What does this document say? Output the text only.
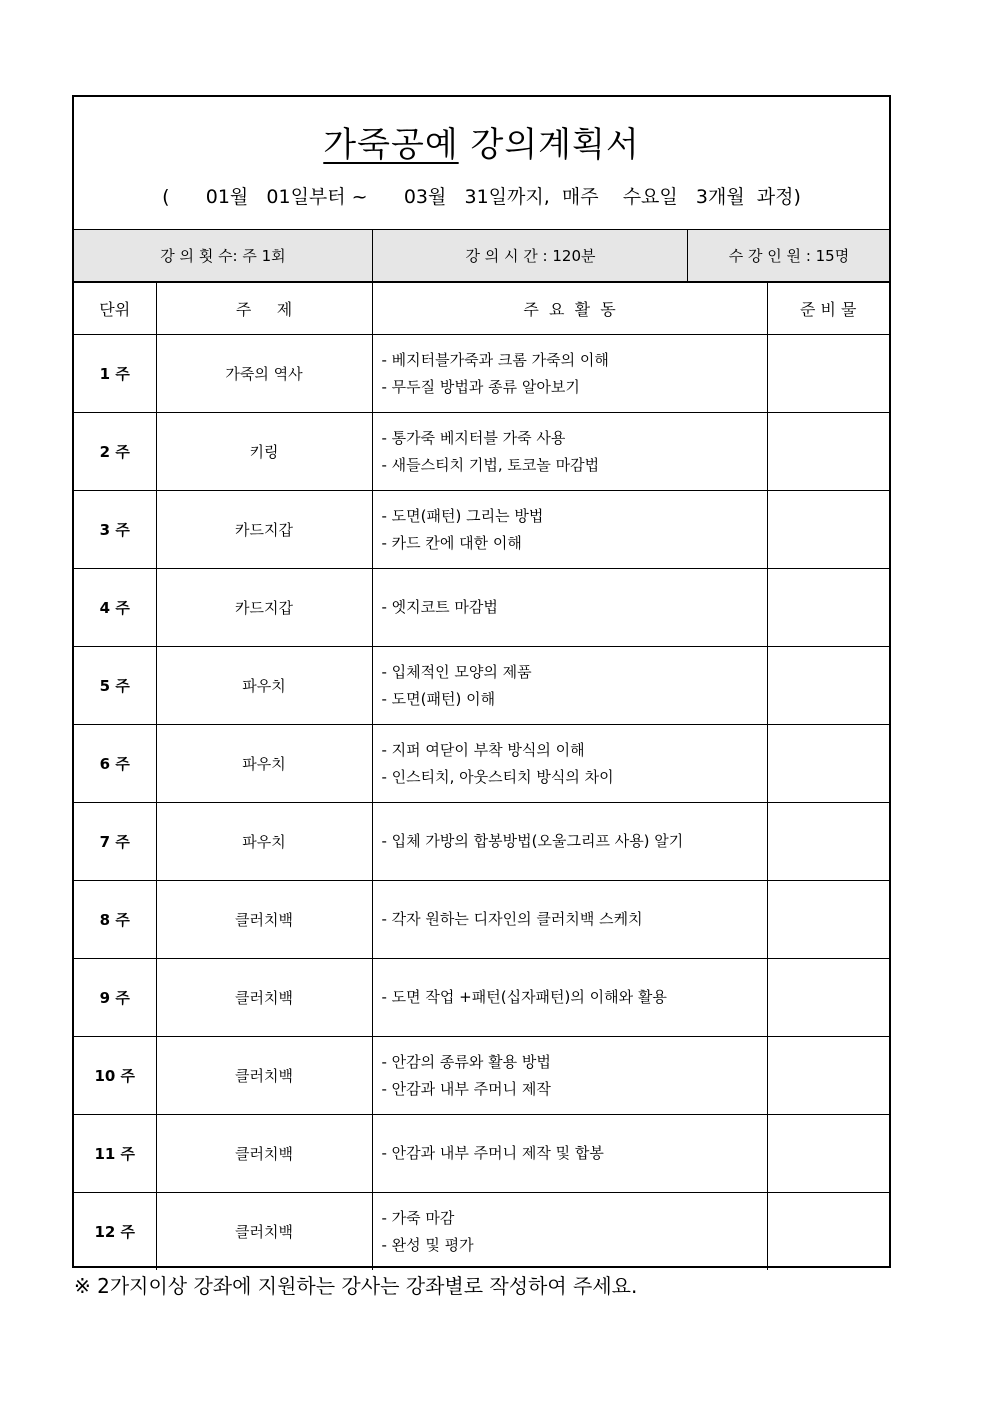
가죽공예 강의계획서
(      01월   01일부터 ~      03월   31일까지,  매주    수요일   3개월  과정)
강 의 횟 수: 주 1회	강 의 시 간 : 120분	수 강 인 원 : 15명
단위	주     제	주  요  활  동	준 비 물
1 주	가죽의 역사	- 베지터블가죽과 크롬 가죽의 이해
- 무두질 방법과 종류 알아보기	

2 주	키링	- 통가죽 베지터블 가죽 사용
- 새들스티치 기법, 토코놀 마감법	

3 주	카드지갑	- 도면(패턴) 그리는 방법
- 카드 칸에 대한 이해	

4 주	카드지갑	- 엣지코트 마감법	

5 주	파우치	- 입체적인 모양의 제품
- 도면(패턴) 이해	

6 주	파우치	- 지퍼 여닫이 부착 방식의 이해
- 인스티치, 아웃스티치 방식의 차이	

7 주	파우치	- 입체 가방의 합봉방법(오울그리프 사용) 알기	

8 주	클러치백	- 각자 원하는 디자인의 클러치백 스케치	

9 주	클러치백	- 도면 작업 +패턴(십자패턴)의 이해와 활용	

10 주	클러치백	- 안감의 종류와 활용 방법
- 안감과 내부 주머니 제작	

11 주	클러치백	- 안감과 내부 주머니 제작 및 합봉	

12 주	클러치백	- 가죽 마감
- 완성 및 평가	

※ 2가지이상 강좌에 지원하는 강사는 강좌별로 작성하여 주세요.
